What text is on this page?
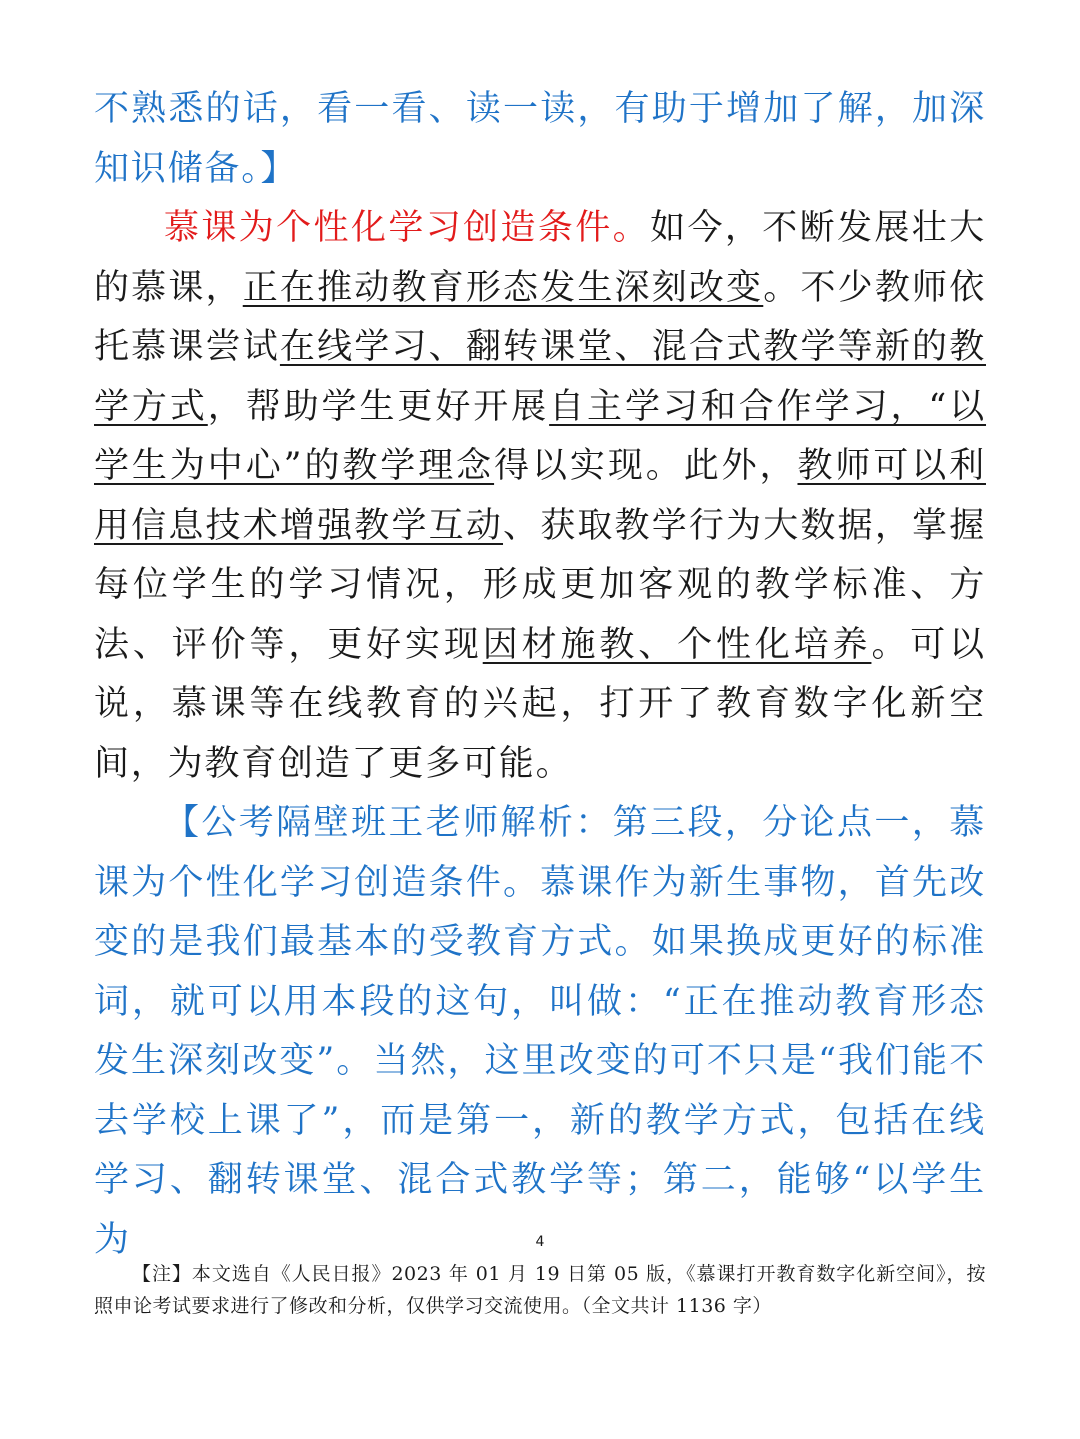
不熟悉的话，看一看、读一读，有助于增加了解，加深知识储备。】

慕课为个性化学习创造条件。如今，不断发展壮大的慕课，正在推动教育形态发生深刻改变。不少教师依托慕课尝试在线学习、翻转课堂、混合式教学等新的教学方式，帮助学生更好开展自主学习和合作学习，“以学生为中心”的教学理念得以实现。此外，教师可以利用信息技术增强教学互动、获取教学行为大数据，掌握每位学生的学习情况，形成更加客观的教学标准、方法、评价等，更好实现因材施教、个性化培养。可以说，慕课等在线教育的兴起，打开了教育数字化新空间，为教育创造了更多可能。

【公考隔壁班王老师解析：第三段，分论点一，慕课为个性化学习创造条件。慕课作为新生事物，首先改变的是我们最基本的受教育方式。如果换成更好的标准词，就可以用本段的这句，叫做：“正在推动教育形态发生深刻改变”。当然，这里改变的可不只是“我们能不去学校上课了”，而是第一，新的教学方式，包括在线学习、翻转课堂、混合式教学等；第二，能够“以学生为	4
【注】本文选自《人民日报》2023 年 01 月 19 日第 05 版，《慕课打开教育数字化新空间》，按照申论考试要求进行了修改和分析，仅供学习交流使用。（全文共计 1136 字）
